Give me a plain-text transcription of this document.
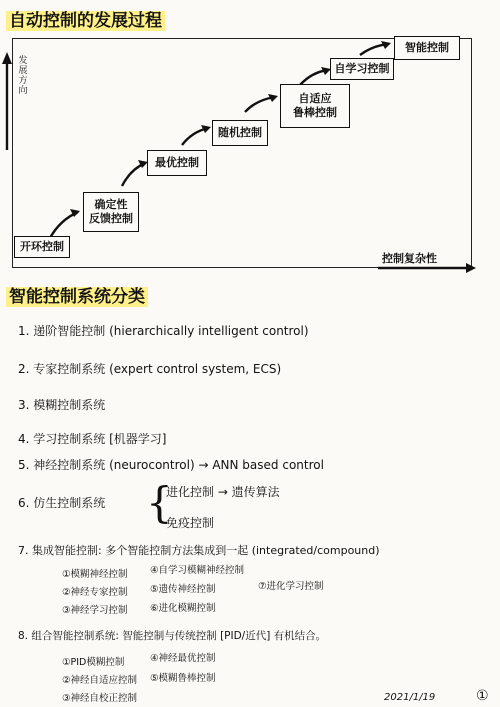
自动控制的发展过程
发展方向
控制复杂性
开环控制
确定性
反馈控制
最优控制
随机控制
自适应
鲁棒控制
自学习控制
智能控制
智能控制系统分类
1. 递阶智能控制 (hierarchically intelligent control)
2. 专家控制系统 (expert control system, ECS)
3. 模糊控制系统
4. 学习控制系统 [机器学习]
5. 神经控制系统 (neurocontrol) → ANN based control
6. 仿生控制系统 {
进化控制 → 遗传算法
免疫控制
7. 集成智能控制: 多个智能控制方法集成到一起 (integrated/compound)
①模糊神经控制
②神经专家控制
③神经学习控制
④自学习模糊神经控制
⑤遗传神经控制
⑥进化模糊控制
⑦进化学习控制
8. 组合智能控制系统: 智能控制与传统控制 [PID/近代] 有机结合。
①PID模糊控制
②神经自适应控制
③神经自校正控制
④神经最优控制
⑤模糊鲁棒控制
2021/1/19	①
